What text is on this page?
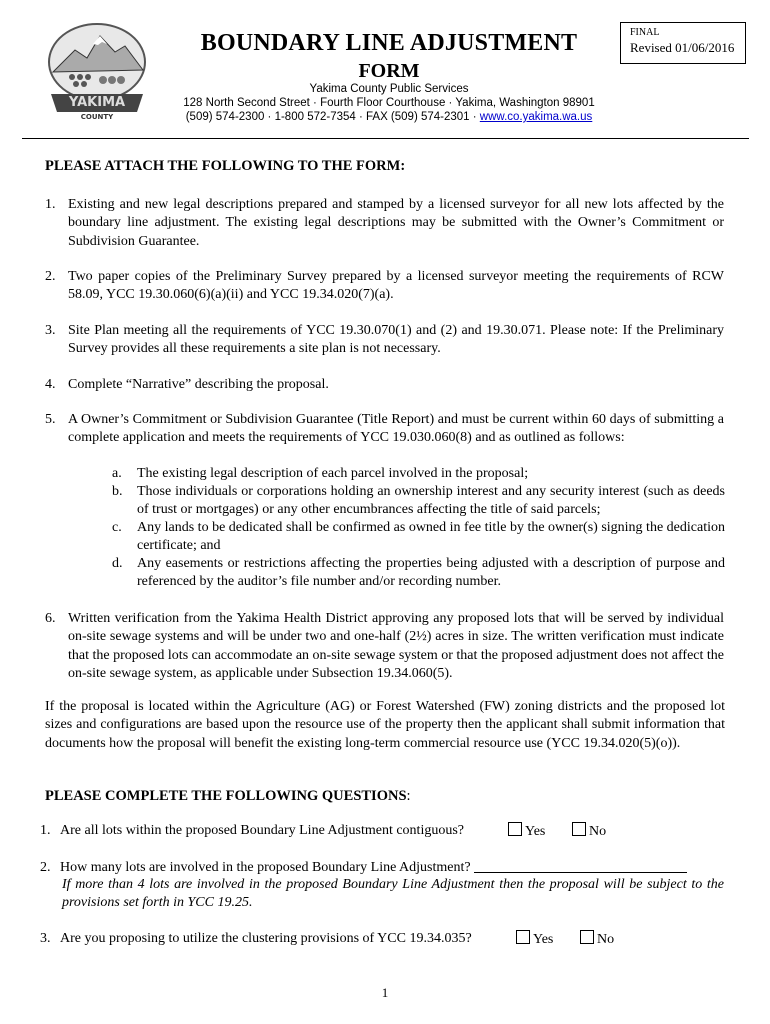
YAKIMA
COUNTY
BOUNDARY LINE ADJUSTMENT
FORM
FINAL
Revised 01/06/2016
Yakima County Public Services
128 North Second Street · Fourth Floor Courthouse · Yakima, Washington 98901
(509) 574-2300 · 1-800 572-7354 · FAX (509) 574-2301 · www.co.yakima.wa.us
PLEASE ATTACH THE FOLLOWING TO THE FORM:
1. Existing and new legal descriptions prepared and stamped by a licensed surveyor for all new lots affected by the boundary line adjustment. The existing legal descriptions may be submitted with the Owner’s Commitment or Subdivision Guarantee.
2. Two paper copies of the Preliminary Survey prepared by a licensed surveyor meeting the requirements of RCW 58.09, YCC 19.30.060(6)(a)(ii) and YCC 19.34.020(7)(a).
3. Site Plan meeting all the requirements of YCC 19.30.070(1) and (2) and 19.30.071. Please note: If the Preliminary Survey provides all these requirements a site plan is not necessary.
4. Complete “Narrative” describing the proposal.
5. A Owner’s Commitment or Subdivision Guarantee (Title Report) and must be current within 60 days of submitting a complete application and meets the requirements of YCC 19.030.060(8) and as outlined as follows:
a. The existing legal description of each parcel involved in the proposal;
b. Those individuals or corporations holding an ownership interest and any security interest (such as deeds of trust or mortgages) or any other encumbrances affecting the title of said parcels;
c. Any lands to be dedicated shall be confirmed as owned in fee title by the owner(s) signing the dedication certificate; and
d. Any easements or restrictions affecting the properties being adjusted with a description of purpose and referenced by the auditor’s file number and/or recording number.
6. Written verification from the Yakima Health District approving any proposed lots that will be served by individual on-site sewage systems and will be under two and one-half (2½) acres in size. The written verification must indicate that the proposed lots can accommodate an on-site sewage system or that the proposed adjustment does not affect the on-site sewage system, as applicable under Subsection 19.34.060(5).
If the proposal is located within the Agriculture (AG) or Forest Watershed (FW) zoning districts and the proposed lot sizes and configurations are based upon the resource use of the property then the applicant shall submit information that documents how the proposal will benefit the existing long-term commercial resource use (YCC 19.34.020(5)(o)).
PLEASE COMPLETE THE FOLLOWING QUESTIONS:
1. Are all lots within the proposed Boundary Line Adjustment contiguous?	Yes	No
2. How many lots are involved in the proposed Boundary Line Adjustment?
If more than 4 lots are involved in the proposed Boundary Line Adjustment then the proposal will be subject to the provisions set forth in YCC 19.25.
3. Are you proposing to utilize the clustering provisions of YCC 19.34.035?	Yes	No
1
